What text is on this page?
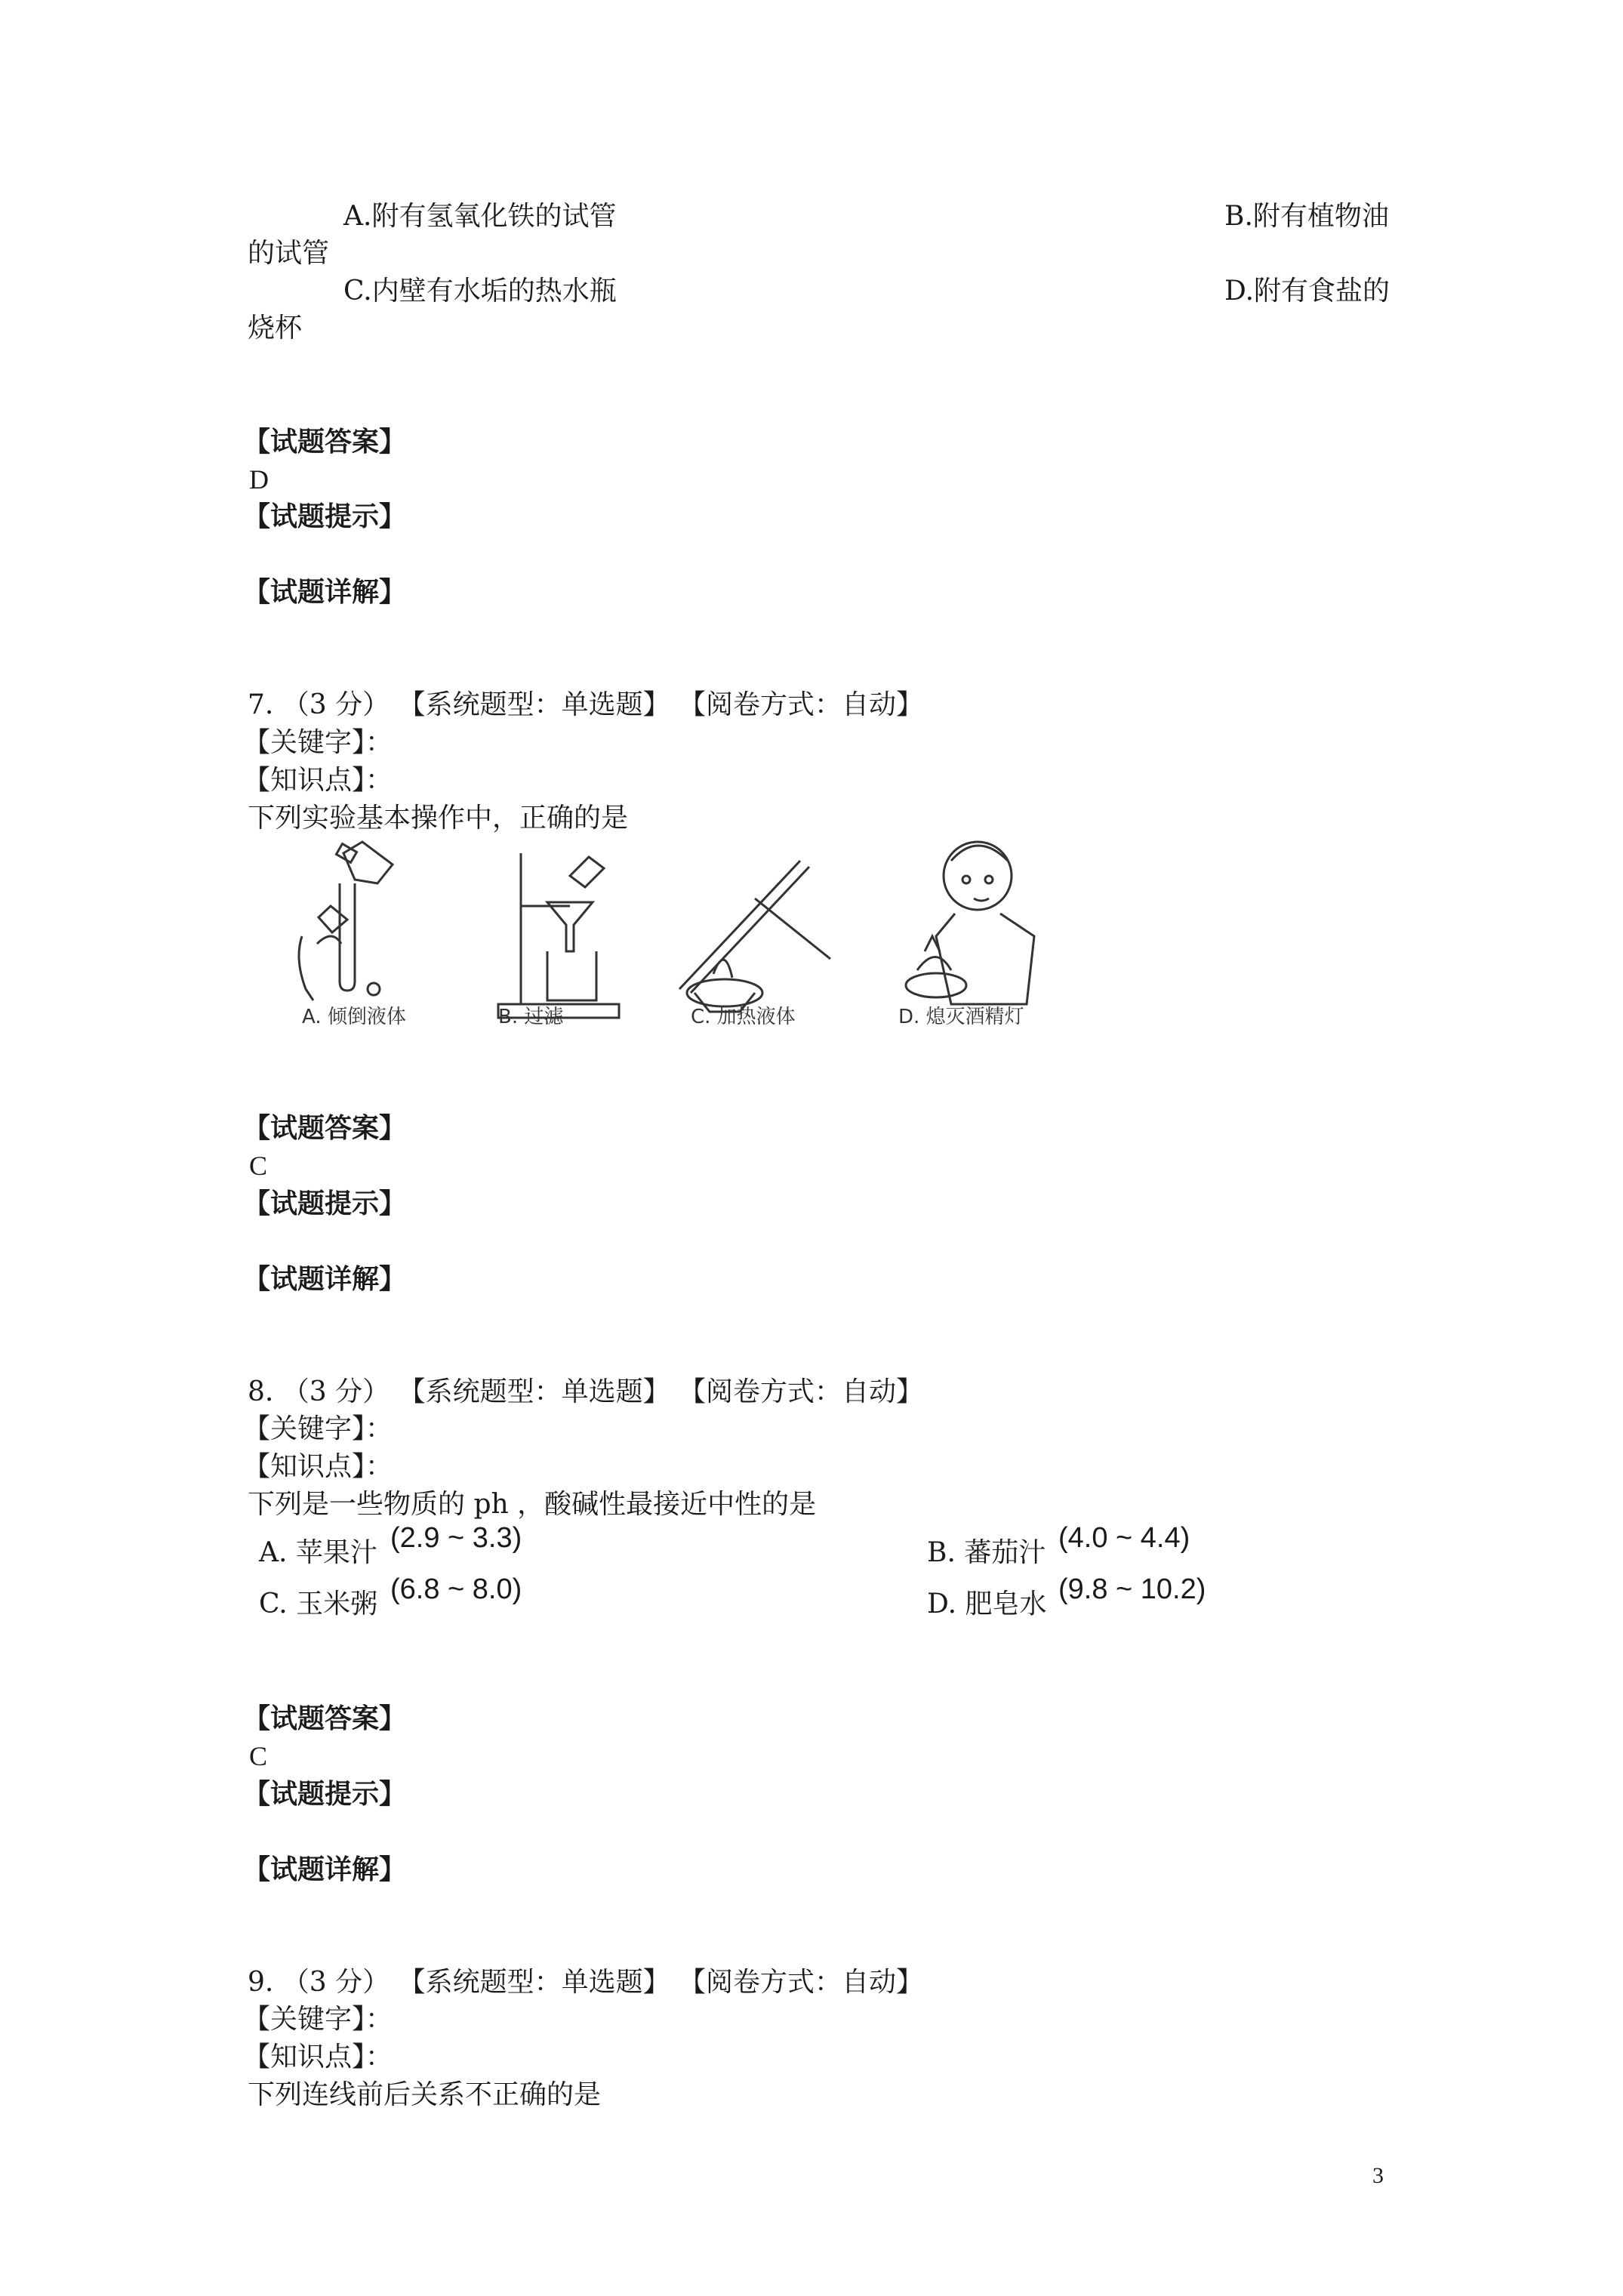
A.附有氢氧化铁的试管	B.附有植物油
的试管
C.内壁有水垢的热水瓶	D.附有食盐的
烧杯
【试题答案】
D
【试题提示】
【试题详解】
7. （3 分） 【系统题型：单选题】 【阅卷方式：自动】
【关键字】：
【知识点】：
下列实验基本操作中，正确的是
A. 倾倒液体	B. 过滤	C. 加热液体	D. 熄灭酒精灯
【试题答案】
C
【试题提示】
【试题详解】
8. （3 分） 【系统题型：单选题】 【阅卷方式：自动】
【关键字】：
【知识点】：
下列是一些物质的 ph ，酸碱性最接近中性的是
A. 苹果汁 (2.9 ~ 3.3)	B. 蕃茄汁 (4.0 ~ 4.4)
C. 玉米粥 (6.8 ~ 8.0)	D. 肥皂水 (9.8 ~ 10.2)
【试题答案】
C
【试题提示】
【试题详解】
9. （3 分） 【系统题型：单选题】 【阅卷方式：自动】
【关键字】：
【知识点】：
下列连线前后关系不正确的是
3
